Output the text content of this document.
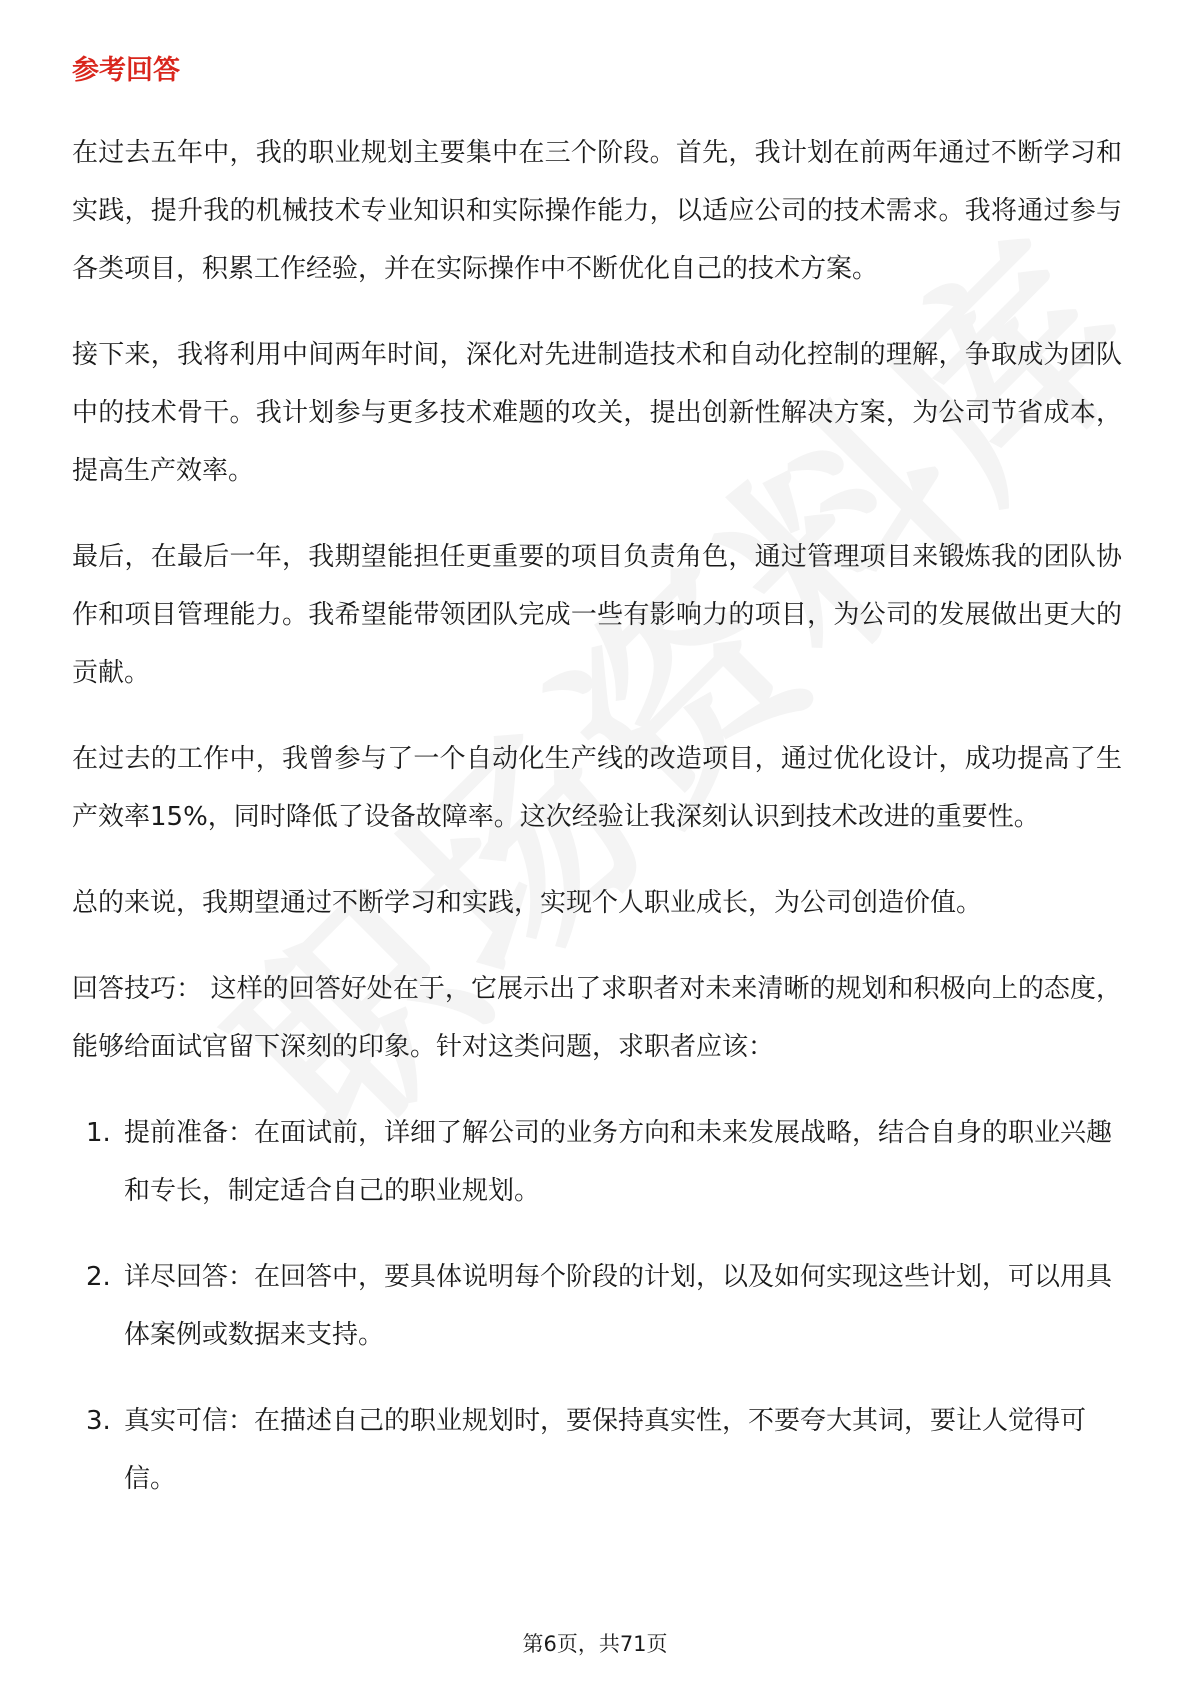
参考回答

在过去五年中，我的职业规划主要集中在三个阶段。首先，我计划在前两年通过不断学习和实践，提升我的机械技术专业知识和实际操作能力，以适应公司的技术需求。我将通过参与各类项目，积累工作经验，并在实际操作中不断优化自己的技术方案。

接下来，我将利用中间两年时间，深化对先进制造技术和自动化控制的理解，争取成为团队中的技术骨干。我计划参与更多技术难题的攻关，提出创新性解决方案，为公司节省成本，提高生产效率。

最后，在最后一年，我期望能担任更重要的项目负责角色，通过管理项目来锻炼我的团队协作和项目管理能力。我希望能带领团队完成一些有影响力的项目，为公司的发展做出更大的贡献。

在过去的工作中，我曾参与了一个自动化生产线的改造项目，通过优化设计，成功提高了生产效率15%，同时降低了设备故障率。这次经验让我深刻认识到技术改进的重要性。

总的来说，我期望通过不断学习和实践，实现个人职业成长，为公司创造价值。

回答技巧： 这样的回答好处在于，它展示出了求职者对未来清晰的规划和积极向上的态度，能够给面试官留下深刻的印象。针对这类问题，求职者应该：

1. 提前准备：在面试前，详细了解公司的业务方向和未来发展战略，结合自身的职业兴趣和专长，制定适合自己的职业规划。
2. 详尽回答：在回答中，要具体说明每个阶段的计划，以及如何实现这些计划，可以用具体案例或数据来支持。
3. 真实可信：在描述自己的职业规划时，要保持真实性，不要夸大其词，要让人觉得可信。
第6页，共71页
